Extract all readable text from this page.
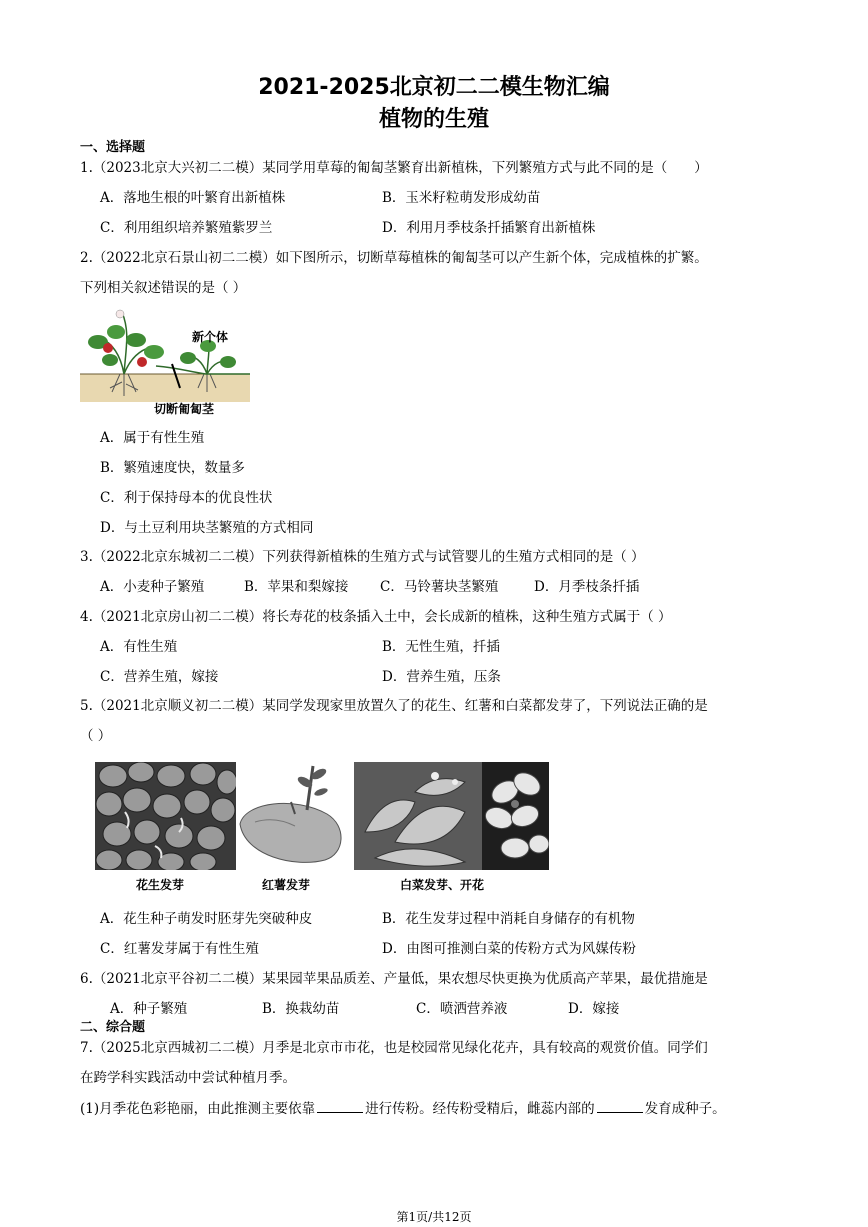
2021-2025北京初二二模生物汇编
植物的生殖
一、选择题
1.（2023北京大兴初二二模）某同学用草莓的匍匐茎繁育出新植株，下列繁殖方式与此不同的是（　　）
A．落地生根的叶繁育出新植株	B．玉米籽粒萌发形成幼苗
C．利用组织培养繁殖紫罗兰	D．利用月季枝条扦插繁育出新植株
2.（2022北京石景山初二二模）如下图所示，切断草莓植株的匍匐茎可以产生新个体，完成植株的扩繁。
下列相关叙述错误的是（ ）
新个体
切断匍匐茎
A．属于有性生殖
B．繁殖速度快，数量多
C．利于保持母本的优良性状
D．与土豆利用块茎繁殖的方式相同
3.（2022北京东城初二二模）下列获得新植株的生殖方式与试管婴儿的生殖方式相同的是（ ）
A．小麦种子繁殖	B．苹果和梨嫁接 C．马铃薯块茎繁殖	D．月季枝条扦插
4.（2021北京房山初二二模）将长寿花的枝条插入土中，会长成新的植株，这种生殖方式属于（ ）
A．有性生殖	B．无性生殖，扦插
C．营养生殖，嫁接	D．营养生殖，压条
5.（2021北京顺义初二二模）某同学发现家里放置久了的花生、红薯和白菜都发芽了，下列说法正确的是
（ ）
花生发芽	红薯发芽	白菜发芽、开花
A．花生种子萌发时胚芽先突破种皮	B．花生发芽过程中消耗自身储存的有机物
C．红薯发芽属于有性生殖	D．由图可推测白菜的传粉方式为风媒传粉
6.（2021北京平谷初二二模）某果园苹果品质差、产量低，果农想尽快更换为优质高产苹果，最优措施是
A．种子繁殖	B．换栽幼苗	C．喷洒营养液	D．嫁接
二、综合题
7.（2025北京西城初二二模）月季是北京市市花，也是校园常见绿化花卉，具有较高的观赏价值。同学们
在跨学科实践活动中尝试种植月季。
(1)月季花色彩艳丽，由此推测主要依靠	进行传粉。经传粉受精后，雌蕊内部的	发育成种子。
第1页/共12页
